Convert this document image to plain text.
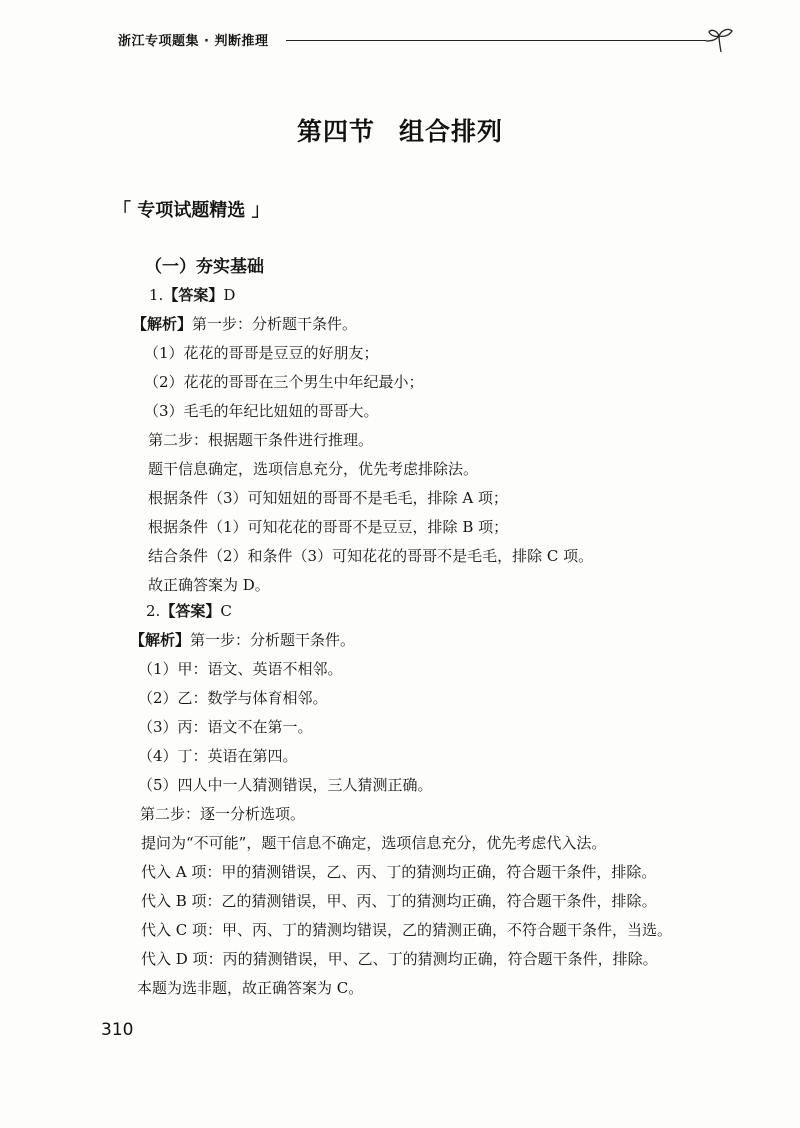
浙江专项题集 · 判断推理
第四节 组合排列
「 专项试题精选 」
（一）夯实基础
1.【答案】D
【解析】第一步：分析题干条件。
（1）花花的哥哥是豆豆的好朋友；
（2）花花的哥哥在三个男生中年纪最小；
（3）毛毛的年纪比妞妞的哥哥大。
第二步：根据题干条件进行推理。
题干信息确定，选项信息充分，优先考虑排除法。
根据条件（3）可知妞妞的哥哥不是毛毛，排除 A 项；
根据条件（1）可知花花的哥哥不是豆豆，排除 B 项；
结合条件（2）和条件（3）可知花花的哥哥不是毛毛，排除 C 项。
故正确答案为 D。
2.【答案】C
【解析】第一步：分析题干条件。
（1）甲：语文、英语不相邻。
（2）乙：数学与体育相邻。
（3）丙：语文不在第一。
（4）丁：英语在第四。
（5）四人中一人猜测错误，三人猜测正确。
第二步：逐一分析选项。
提问为“不可能”，题干信息不确定，选项信息充分，优先考虑代入法。
代入 A 项：甲的猜测错误，乙、丙、丁的猜测均正确，符合题干条件，排除。
代入 B 项：乙的猜测错误，甲、丙、丁的猜测均正确，符合题干条件，排除。
代入 C 项：甲、丙、丁的猜测均错误，乙的猜测正确，不符合题干条件，当选。
代入 D 项：丙的猜测错误，甲、乙、丁的猜测均正确，符合题干条件，排除。
本题为选非题，故正确答案为 C。
310
